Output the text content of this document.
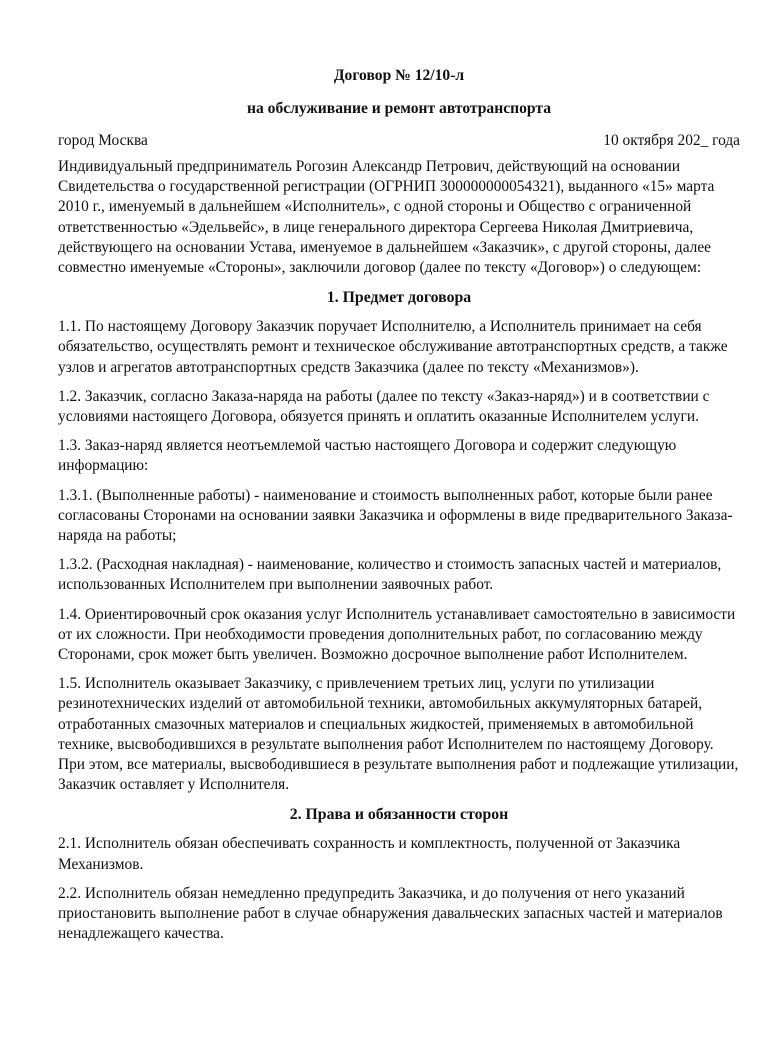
Договор № 12/10-л
на обслуживание и ремонт автотранспорта
город Москва	10 октября 202_ года

Индивидуальный предприниматель Рогозин Александр Петрович, действующий на основании Свидетельства о государственной регистрации (ОГРНИП 300000000054321), выданного «15» марта 2010 г., именуемый в дальнейшем «Исполнитель», с одной стороны и Общество с ограниченной ответственностью «Эдельвейс», в лице генерального директора Сергеева Николая Дмитриевича, действующего на основании Устава, именуемое в дальнейшем «Заказчик», с другой стороны, далее совместно именуемые «Стороны», заключили договор (далее по тексту «Договор») о следующем:

1. Предмет договора

1.1. По настоящему Договору Заказчик поручает Исполнителю, а Исполнитель принимает на себя обязательство, осуществлять ремонт и техническое обслуживание автотранспортных средств, а также узлов и агрегатов автотранспортных средств Заказчика (далее по тексту «Механизмов»).

1.2. Заказчик, согласно Заказа-наряда на работы (далее по тексту «Заказ-наряд») и в соответствии с условиями настоящего Договора, обязуется принять и оплатить оказанные Исполнителем услуги.

1.3. Заказ-наряд является неотъемлемой частью настоящего Договора и содержит следующую информацию:

1.3.1. (Выполненные работы) - наименование и стоимость выполненных работ, которые были ранее согласованы Сторонами на основании заявки Заказчика и оформлены в виде предварительного Заказа-наряда на работы;

1.3.2. (Расходная накладная) - наименование, количество и стоимость запасных частей и материалов, использованных Исполнителем при выполнении заявочных работ.

1.4. Ориентировочный срок оказания услуг Исполнитель устанавливает самостоятельно в зависимости от их сложности. При необходимости проведения дополнительных работ, по согласованию между Сторонами, срок может быть увеличен. Возможно досрочное выполнение работ Исполнителем.

1.5. Исполнитель оказывает Заказчику, с привлечением третьих лиц, услуги по утилизации резинотехнических изделий от автомобильной техники, автомобильных аккумуляторных батарей, отработанных смазочных материалов и специальных жидкостей, применяемых в автомобильной технике, высвободившихся в результате выполнения работ Исполнителем по настоящему Договору. При этом, все материалы, высвободившиеся в результате выполнения работ и подлежащие утилизации, Заказчик оставляет у Исполнителя.

2. Права и обязанности сторон

2.1. Исполнитель обязан обеспечивать сохранность и комплектность, полученной от Заказчика Механизмов.

2.2. Исполнитель обязан немедленно предупредить Заказчика, и до получения от него указаний приостановить выполнение работ в случае обнаружения давальческих запасных частей и материалов ненадлежащего качества.
